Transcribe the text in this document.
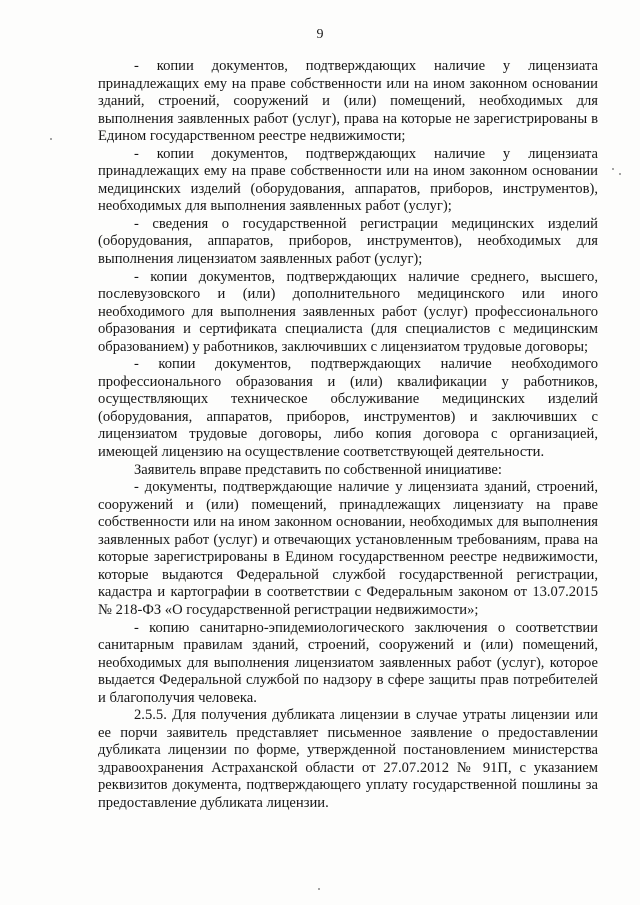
9

- копии документов, подтверждающих наличие у лицензиата принадлежащих ему на праве собственности или на ином законном основании зданий, строений, сооружений и (или) помещений, необходимых для выполнения заявленных работ (услуг), права на которые не зарегистрированы в Едином государственном реестре недвижимости;

- копии документов, подтверждающих наличие у лицензиата принадлежащих ему на праве собственности или на ином законном основании медицинских изделий (оборудования, аппаратов, приборов, инструментов), необходимых для выполнения заявленных работ (услуг);

- сведения о государственной регистрации медицинских изделий (оборудования, аппаратов, приборов, инструментов), необходимых для выполнения лицензиатом заявленных работ (услуг);

- копии документов, подтверждающих наличие среднего, высшего, послевузовского и (или) дополнительного медицинского или иного необходимого для выполнения заявленных работ (услуг) профессионального образования и сертификата специалиста (для специалистов с медицинским образованием) у работников, заключивших с лицензиатом трудовые договоры;

- копии документов, подтверждающих наличие необходимого профессионального образования и (или) квалификации у работников, осуществляющих техническое обслуживание медицинских изделий (оборудования, аппаратов, приборов, инструментов) и заключивших с лицензиатом трудовые договоры, либо копия договора с организацией, имеющей лицензию на осуществление соответствующей деятельности.

Заявитель вправе представить по собственной инициативе:

- документы, подтверждающие наличие у лицензиата зданий, строений, сооружений и (или) помещений, принадлежащих лицензиату на праве собственности или на ином законном основании, необходимых для выполнения заявленных работ (услуг) и отвечающих установленным требованиям, права на которые зарегистрированы в Едином государственном реестре недвижимости, которые выдаются Федеральной службой государственной регистрации, кадастра и картографии в соответствии с Федеральным законом от 13.07.2015 № 218-ФЗ «О государственной регистрации недвижимости»;

- копию санитарно-эпидемиологического заключения о соответствии санитарным правилам зданий, строений, сооружений и (или) помещений, необходимых для выполнения лицензиатом заявленных работ (услуг), которое выдается Федеральной службой по надзору в сфере защиты прав потребителей и благополучия человека.

2.5.5. Для получения дубликата лицензии в случае утраты лицензии или ее порчи заявитель представляет письменное заявление о предоставлении дубликата лицензии по форме, утвержденной постановлением министерства здравоохранения Астраханской области от 27.07.2012 № 91П, с указанием реквизитов документа, подтверждающего уплату государственной пошлины за предоставление дубликата лицензии.
